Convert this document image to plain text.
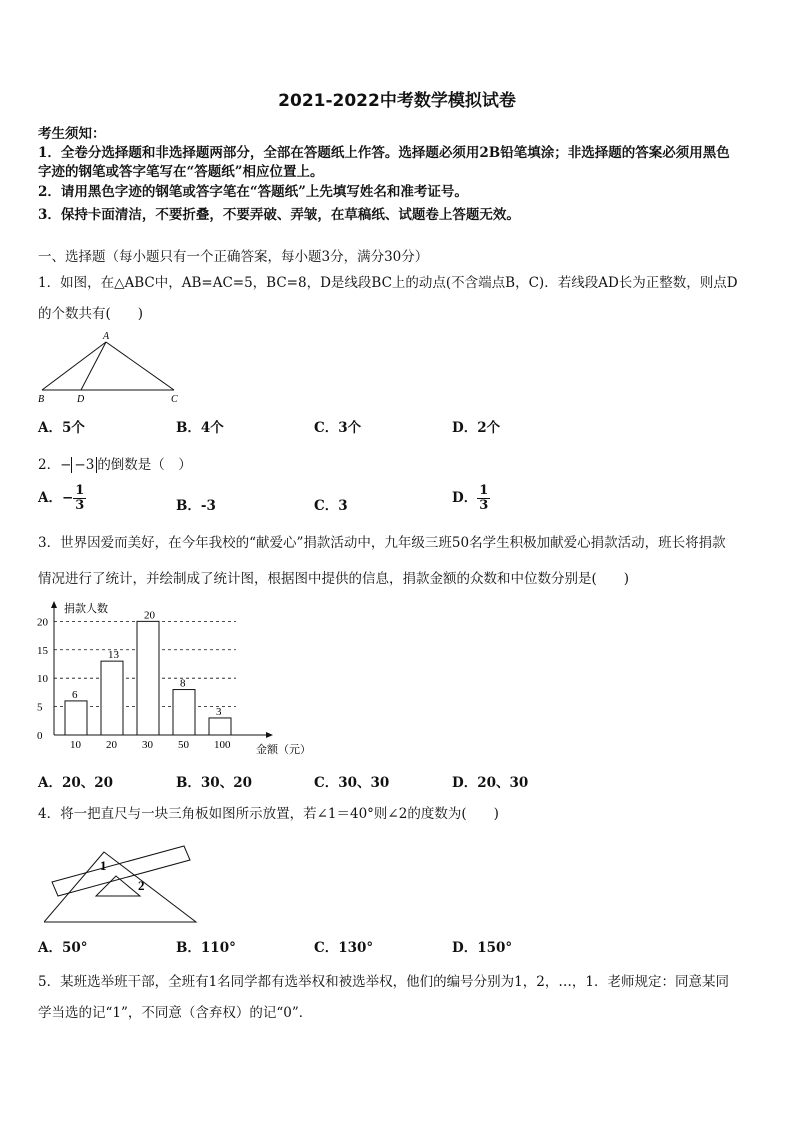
2021-2022中考数学模拟试卷
考生须知：
1．全卷分选择题和非选择题两部分，全部在答题纸上作答。选择题必须用2B铅笔填涂；非选择题的答案必须用黑色
字迹的钢笔或答字笔写在“答题纸”相应位置上。
2．请用黑色字迹的钢笔或答字笔在“答题纸”上先填写姓名和准考证号。
3．保持卡面清洁，不要折叠，不要弄破、弄皱，在草稿纸、试题卷上答题无效。
一、选择题（每小题只有一个正确答案，每小题3分，满分30分）
1．如图，在△ABC中，AB=AC=5，BC=8，D是线段BC上的动点(不含端点B，C)．若线段AD长为正整数，则点D
的个数共有(　　)
A
B	D	C
A．5个	B．4个	C．3个	D．2个
2．− −3 的倒数是（　）
A．− $\frac{1}{3}$	B．-3	C．3	D． $\frac{1}{3}$
3．世界因爱而美好，在今年我校的“献爱心”捐款活动中，九年级三班50名学生积极加献爱心捐款活动，班长将捐款
情况进行了统计，并绘制成了统计图，根据图中提供的信息，捐款金额的众数和中位数分别是(　　)
捐款人数
金额（元）
0
5
10
15
20
6
10
13
20
20
30
8
50
3
100
A．20、20	B．30、20	C．30、30	D．20、30
4．将一把直尺与一块三角板如图所示放置，若∠1＝40°则∠2的度数为(　　)
1
2
A．50°	B．110°	C．130°	D．150°
5．某班选举班干部，全班有1名同学都有选举权和被选举权，他们的编号分别为1，2，…，1．老师规定：同意某同
学当选的记“1”，不同意（含弃权）的记“0”．
